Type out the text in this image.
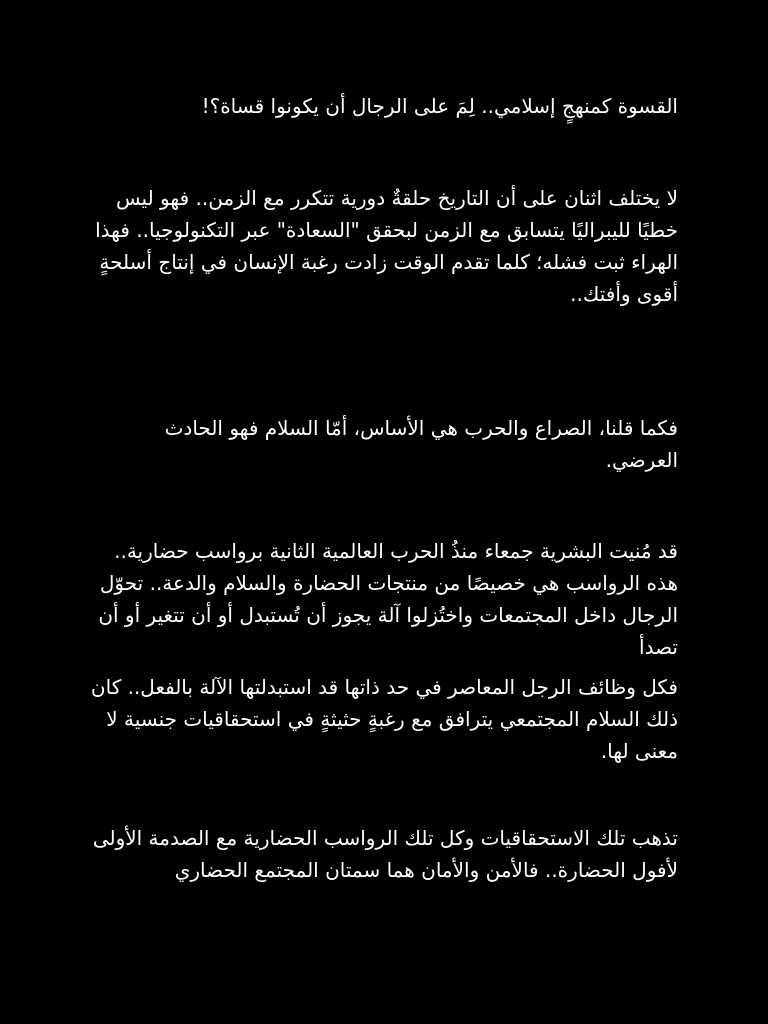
القسوة كمنهجٍ إسلامي.. لِمَ على الرجال أن يكونوا قساة؟!

لا يختلف اثنان على أن التاريخ حلقةٌ دورية تتكرر مع الزمن.. فهو ليس خطيًا لليبراليًا يتسابق مع الزمن لبحقق "السعادة" عبر التكنولوجيا.. فهذا الهراء ثبت فشله؛ كلما تقدم الوقت زادت رغبة الإنسان في إنتاج أسلحةٍ أقوى وأفتك..

فكما قلنا، الصراع والحرب هي الأساس، أمّا السلام فهو الحادث العرضي.

قد مُنيت البشرية جمعاء منذُ الحرب العالمية الثانية برواسب حضارية.. هذه الرواسب هي خصيصًا من منتجات الحضارة والسلام والدعة.. تحوّل الرجال داخل المجتمعات واختُزلوا آلة يجوز أن تُستبدل أو أن تتغير أو أن تصدأ

فكل وظائف الرجل المعاصر في حد ذاتها قد استبدلتها الآلة بالفعل.. كان ذلك السلام المجتمعي يترافق مع رغبةٍ حثيثةٍ في استحقاقيات جنسية لا معنى لها.

تذهب تلك الاستحقاقيات وكل تلك الرواسب الحضارية مع الصدمة الأولى لأفول الحضارة.. فالأمن والأمان هما سمتان المجتمع الحضاري
